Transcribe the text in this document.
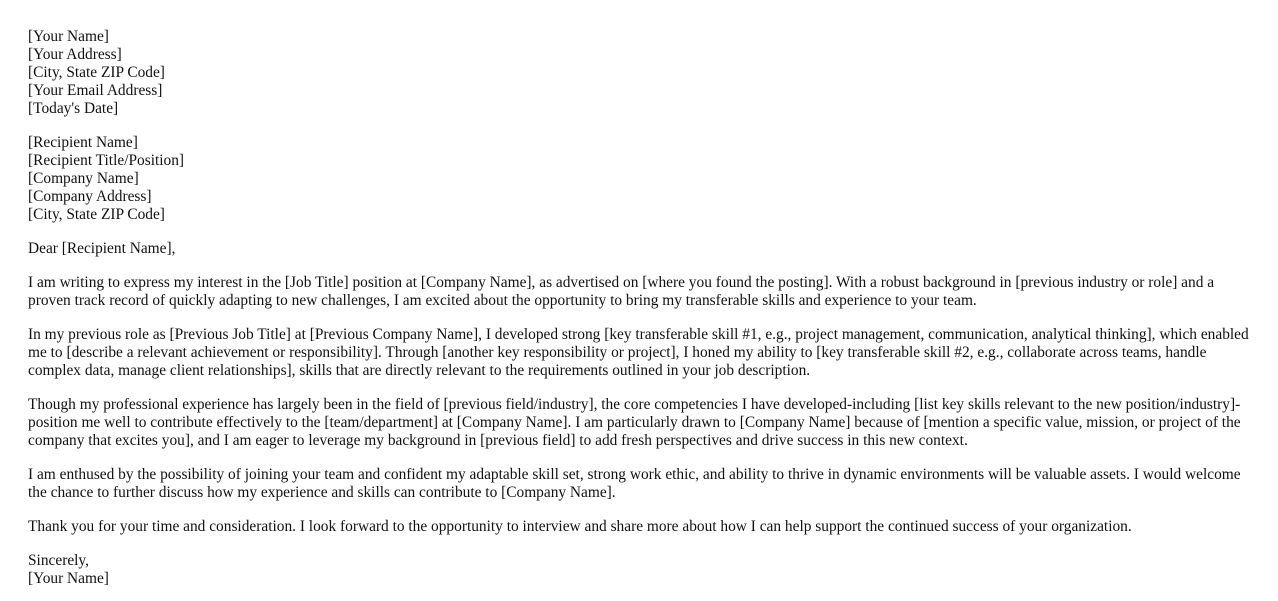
[Your Name]
[Your Address]
[City, State ZIP Code]
[Your Email Address]
[Today's Date]
[Recipient Name]
[Recipient Title/Position]
[Company Name]
[Company Address]
[City, State ZIP Code]

Dear [Recipient Name],

I am writing to express my interest in the [Job Title] position at [Company Name], as advertised on [where you found the posting]. With a robust background in [previous industry or role] and a proven track record of quickly adapting to new challenges, I am excited about the opportunity to bring my transferable skills and experience to your team.

In my previous role as [Previous Job Title] at [Previous Company Name], I developed strong [key transferable skill #1, e.g., project management, communication, analytical thinking], which enabled me to [describe a relevant achievement or responsibility]. Through [another key responsibility or project], I honed my ability to [key transferable skill #2, e.g., collaborate across teams, handle complex data, manage client relationships], skills that are directly relevant to the requirements outlined in your job description.

Though my professional experience has largely been in the field of [previous field/industry], the core competencies I have developed-including [list key skills relevant to the new position/industry]-position me well to contribute effectively to the [team/department] at [Company Name]. I am particularly drawn to [Company Name] because of [mention a specific value, mission, or project of the company that excites you], and I am eager to leverage my background in [previous field] to add fresh perspectives and drive success in this new context.

I am enthused by the possibility of joining your team and confident my adaptable skill set, strong work ethic, and ability to thrive in dynamic environments will be valuable assets. I would welcome the chance to further discuss how my experience and skills can contribute to [Company Name].

Thank you for your time and consideration. I look forward to the opportunity to interview and share more about how I can help support the continued success of your organization.

Sincerely,
[Your Name]
